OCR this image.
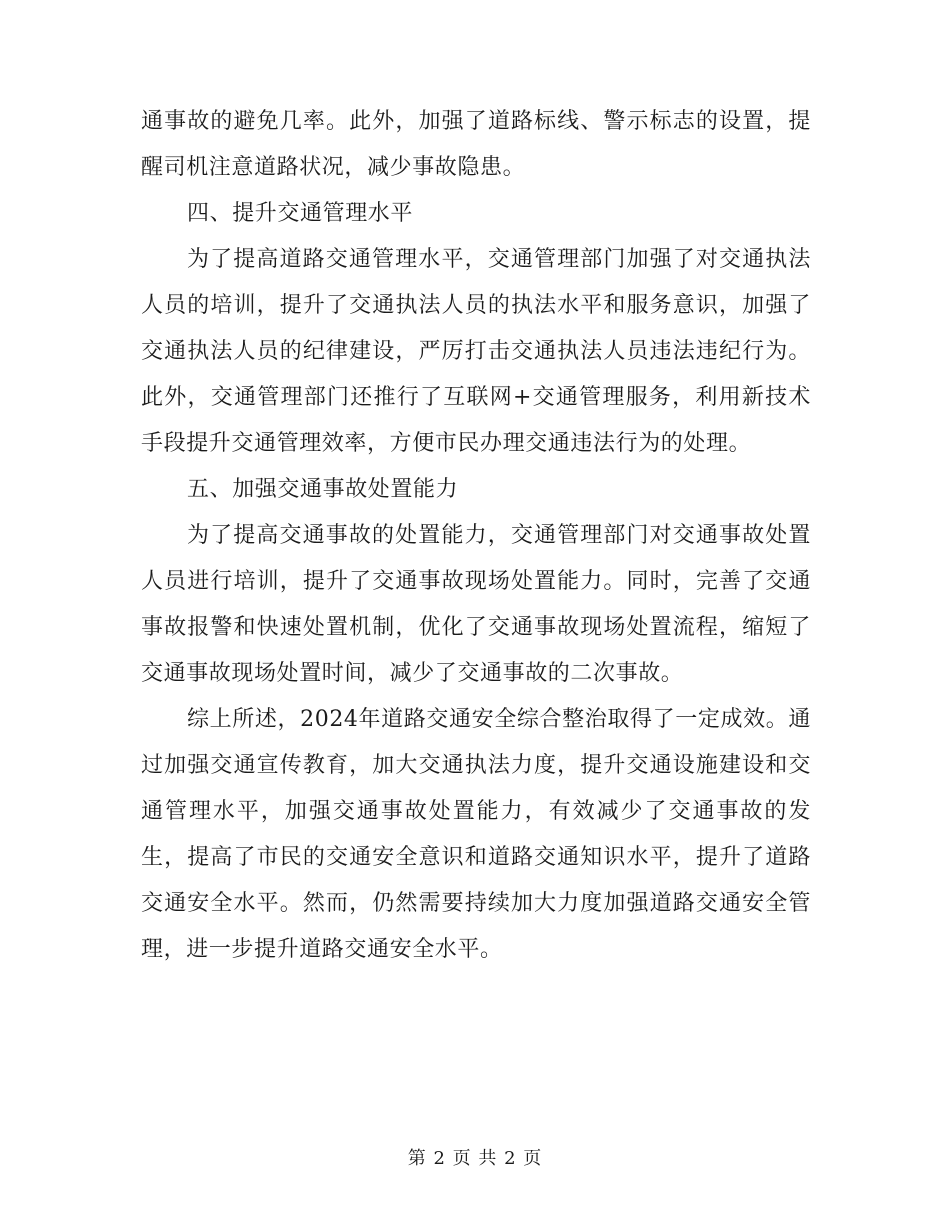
通事故的避免几率。此外，加强了道路标线、警示标志的设置，提醒司机注意道路状况，减少事故隐患。

四、提升交通管理水平

为了提高道路交通管理水平，交通管理部门加强了对交通执法人员的培训，提升了交通执法人员的执法水平和服务意识，加强了交通执法人员的纪律建设，严厉打击交通执法人员违法违纪行为。此外，交通管理部门还推行了互联网+交通管理服务，利用新技术手段提升交通管理效率，方便市民办理交通违法行为的处理。

五、加强交通事故处置能力

为了提高交通事故的处置能力，交通管理部门对交通事故处置人员进行培训，提升了交通事故现场处置能力。同时，完善了交通事故报警和快速处置机制，优化了交通事故现场处置流程，缩短了交通事故现场处置时间，减少了交通事故的二次事故。

综上所述，2024年道路交通安全综合整治取得了一定成效。通过加强交通宣传教育，加大交通执法力度，提升交通设施建设和交通管理水平，加强交通事故处置能力，有效减少了交通事故的发生，提高了市民的交通安全意识和道路交通知识水平，提升了道路交通安全水平。然而，仍然需要持续加大力度加强道路交通安全管理，进一步提升道路交通安全水平。

第 2 页 共 2 页
